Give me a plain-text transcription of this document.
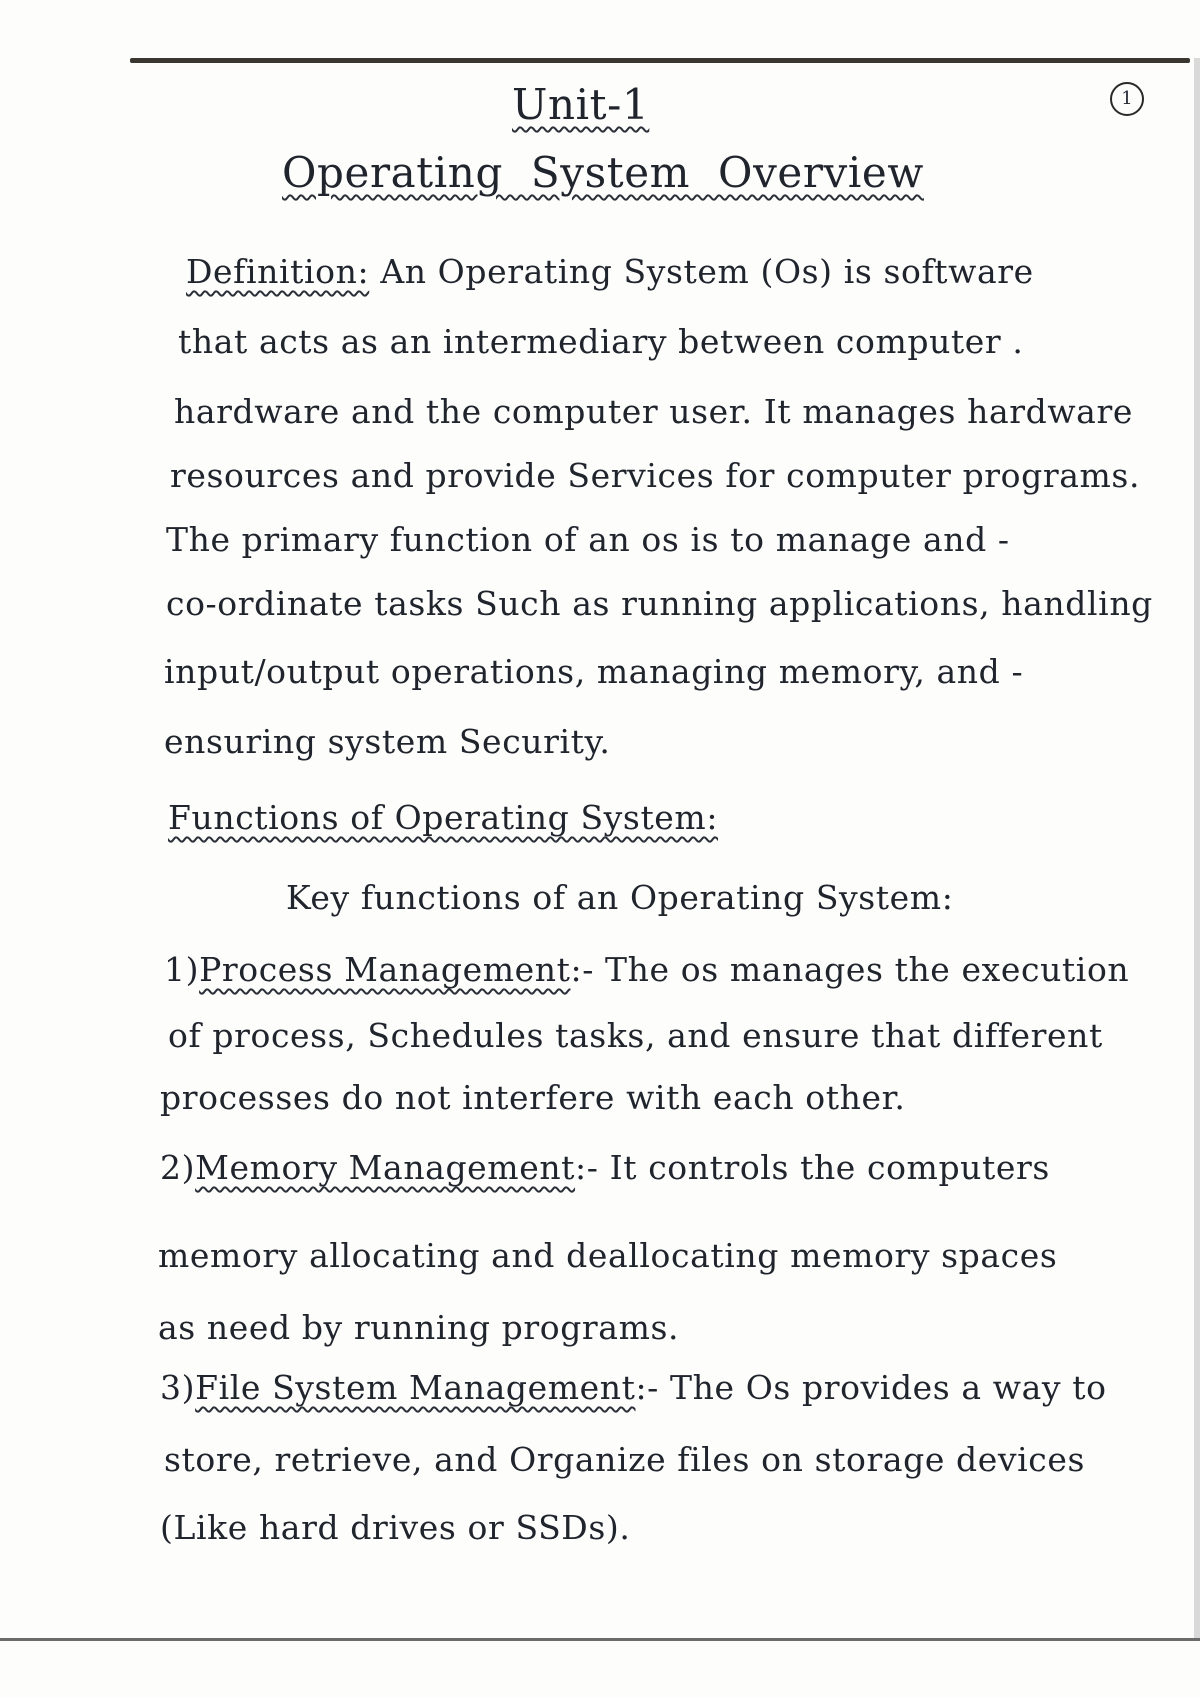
1
Unit-1
Operating System Overview
Definition: An Operating System (Os) is software
that acts as an intermediary between computer .
hardware and the computer user. It manages hardware
resources and provide Services for computer programs.
The primary function of an os is to manage and -
co-ordinate tasks Such as running applications, handling
input/output operations, managing memory, and -
ensuring system Security.
Functions of Operating System:
Key functions of an Operating System:
1)Process Management:- The os manages the execution
of process, Schedules tasks, and ensure that different
processes do not interfere with each other.
2)Memory Management:- It controls the computers
memory allocating and deallocating memory spaces
as need by running programs.
3)File System Management:- The Os provides a way to
store, retrieve, and Organize files on storage devices
(Like hard drives or SSDs).
